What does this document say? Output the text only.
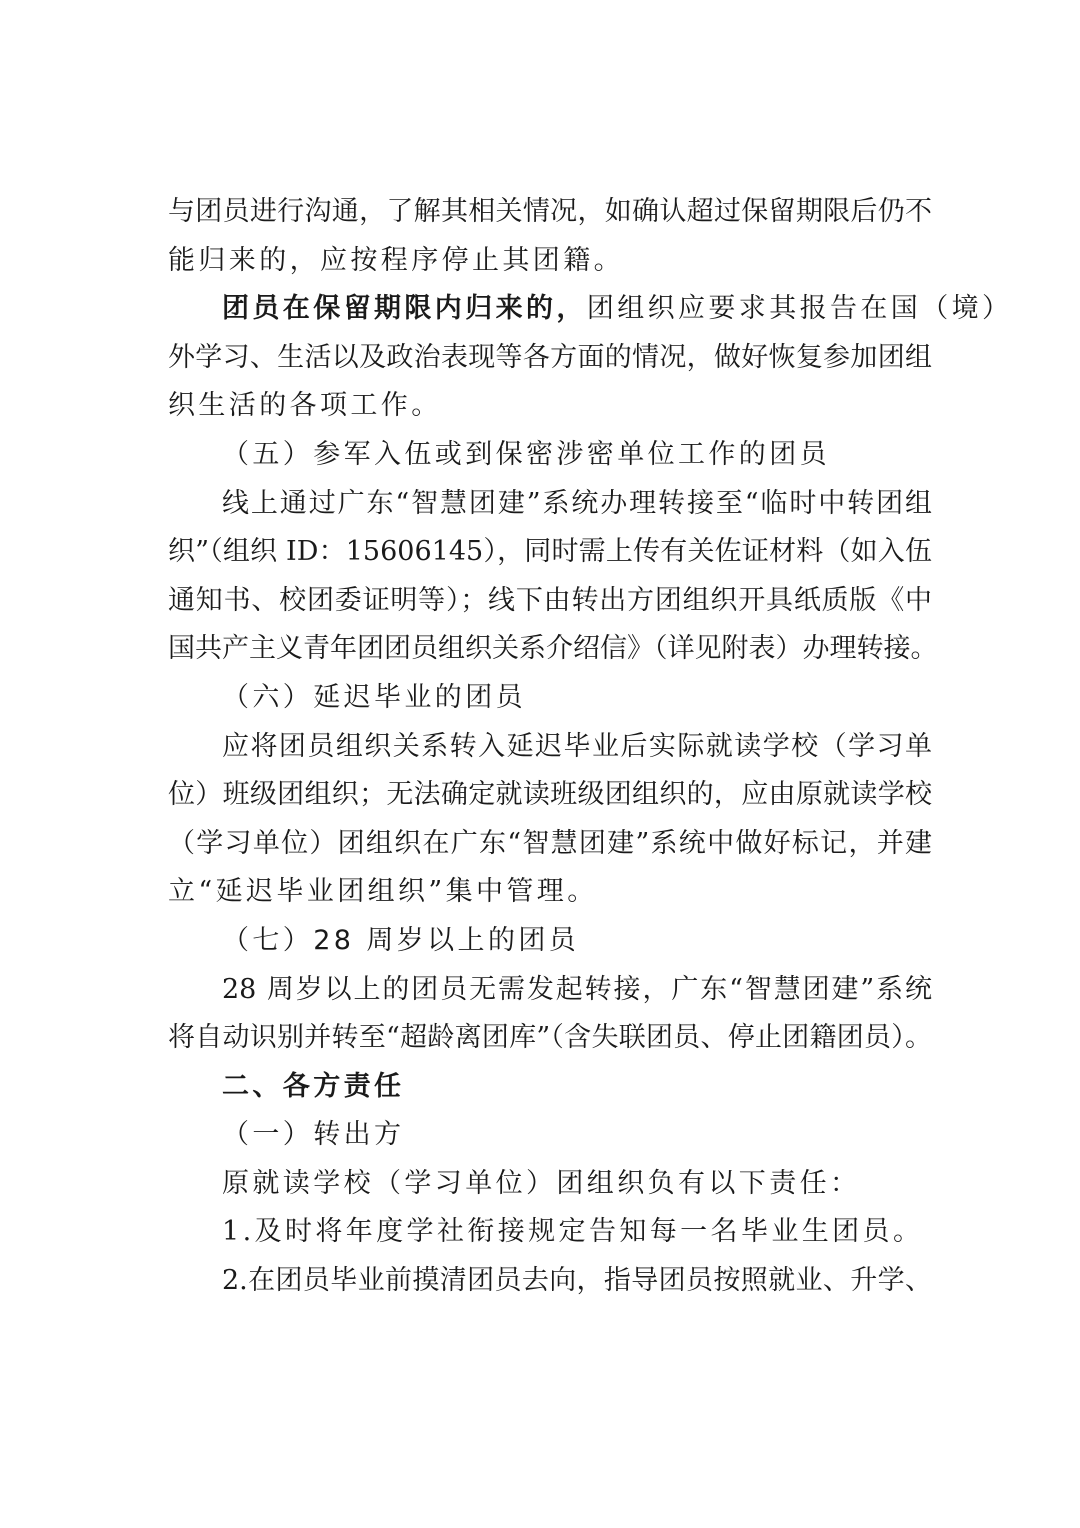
与团员进行沟通，了解其相关情况，如确认超过保留期限后仍不
能归来的，应按程序停止其团籍。
团员在保留期限内归来的，团组织应要求其报告在国（境）
外学习、生活以及政治表现等各方面的情况，做好恢复参加团组
织生活的各项工作。
（五）参军入伍或到保密涉密单位工作的团员
线上通过广东“智慧团建”系统办理转接至“临时中转团组
织”（组织 ID：15606145），同时需上传有关佐证材料（如入伍
通知书、校团委证明等）；线下由转出方团组织开具纸质版《中
国共产主义青年团团员组织关系介绍信》（详见附表）办理转接。
（六）延迟毕业的团员
应将团员组织关系转入延迟毕业后实际就读学校（学习单
位）班级团组织；无法确定就读班级团组织的，应由原就读学校
（学习单位）团组织在广东“智慧团建”系统中做好标记，并建
立“延迟毕业团组织”集中管理。
（七）28 周岁以上的团员
28 周岁以上的团员无需发起转接，广东“智慧团建”系统
将自动识别并转至“超龄离团库”（含失联团员、停止团籍团员）。
二、各方责任
（一）转出方
原就读学校（学习单位）团组织负有以下责任：
1.及时将年度学社衔接规定告知每一名毕业生团员。
2.在团员毕业前摸清团员去向，指导团员按照就业、升学、
